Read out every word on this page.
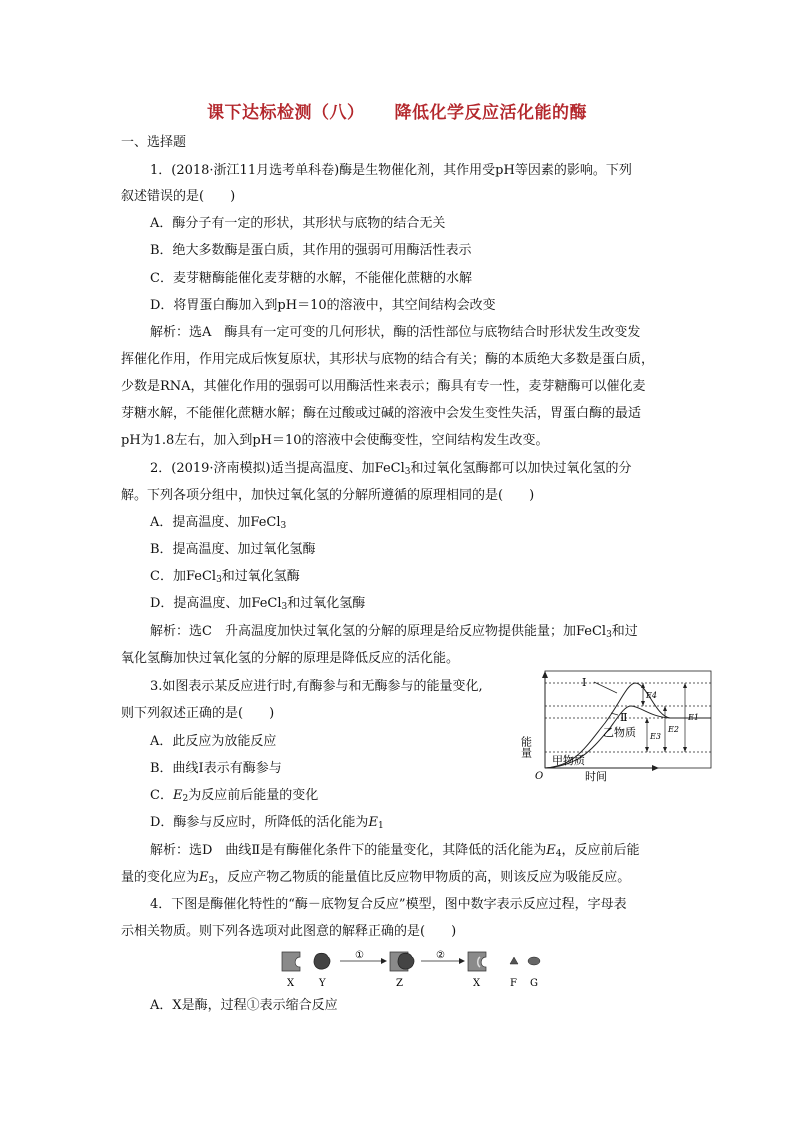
课下达标检测（八） 降低化学反应活化能的酶
一、选择题
1．(2018·浙江11月选考单科卷)酶是生物催化剂，其作用受pH等因素的影响。下列
叙述错误的是(　　)
A．酶分子有一定的形状，其形状与底物的结合无关
B．绝大多数酶是蛋白质，其作用的强弱可用酶活性表示
C．麦芽糖酶能催化麦芽糖的水解，不能催化蔗糖的水解
D．将胃蛋白酶加入到pH＝10的溶液中，其空间结构会改变
解析：选A　酶具有一定可变的几何形状，酶的活性部位与底物结合时形状发生改变发
挥催化作用，作用完成后恢复原状，其形状与底物的结合有关；酶的本质绝大多数是蛋白质，
少数是RNA，其催化作用的强弱可以用酶活性来表示；酶具有专一性，麦芽糖酶可以催化麦
芽糖水解，不能催化蔗糖水解；酶在过酸或过碱的溶液中会发生变性失活，胃蛋白酶的最适
pH为1.8左右，加入到pH＝10的溶液中会使酶变性，空间结构发生改变。
2．(2019·济南模拟)适当提高温度、加FeCl$_3$和过氧化氢酶都可以加快过氧化氢的分
解。下列各项分组中，加快过氧化氢的分解所遵循的原理相同的是(　　)
A．提高温度、加FeCl$_3$
B．提高温度、加过氧化氢酶
C．加FeCl$_3$和过氧化氢酶
D．提高温度、加FeCl$_3$和过氧化氢酶
解析：选C　升高温度加快过氧化氢的分解的原理是给反应物提供能量；加FeCl$_3$和过
氧化氢酶加快过氧化氢的分解的原理是降低反应的活化能。
3.如图表示某反应进行时,有酶参与和无酶参与的能量变化,
则下列叙述正确的是(　　)
A．此反应为放能反应
B．曲线Ⅰ表示有酶参与
C．$E_2$为反应前后能量的变化
D．酶参与反应时，所降低的活化能为$E_1$
解析：选D　曲线Ⅱ是有酶催化条件下的能量变化，其降低的活化能为$E_4$，反应前后能
量的变化应为$E_3$，反应产物乙物质的能量值比反应物甲物质的高，则该反应为吸能反应。
Ⅰ
Ⅱ
乙物质
甲物质
E4
E2
E3
E1
能量
O	时间
4．下图是酶催化特性的“酶－底物复合反应”模型，图中数字表示反应过程，字母表
示相关物质。则下列各选项对此图意的解释正确的是(　　)
①	②
X Y	Z	X	F G
A．X是酶，过程①表示缩合反应
